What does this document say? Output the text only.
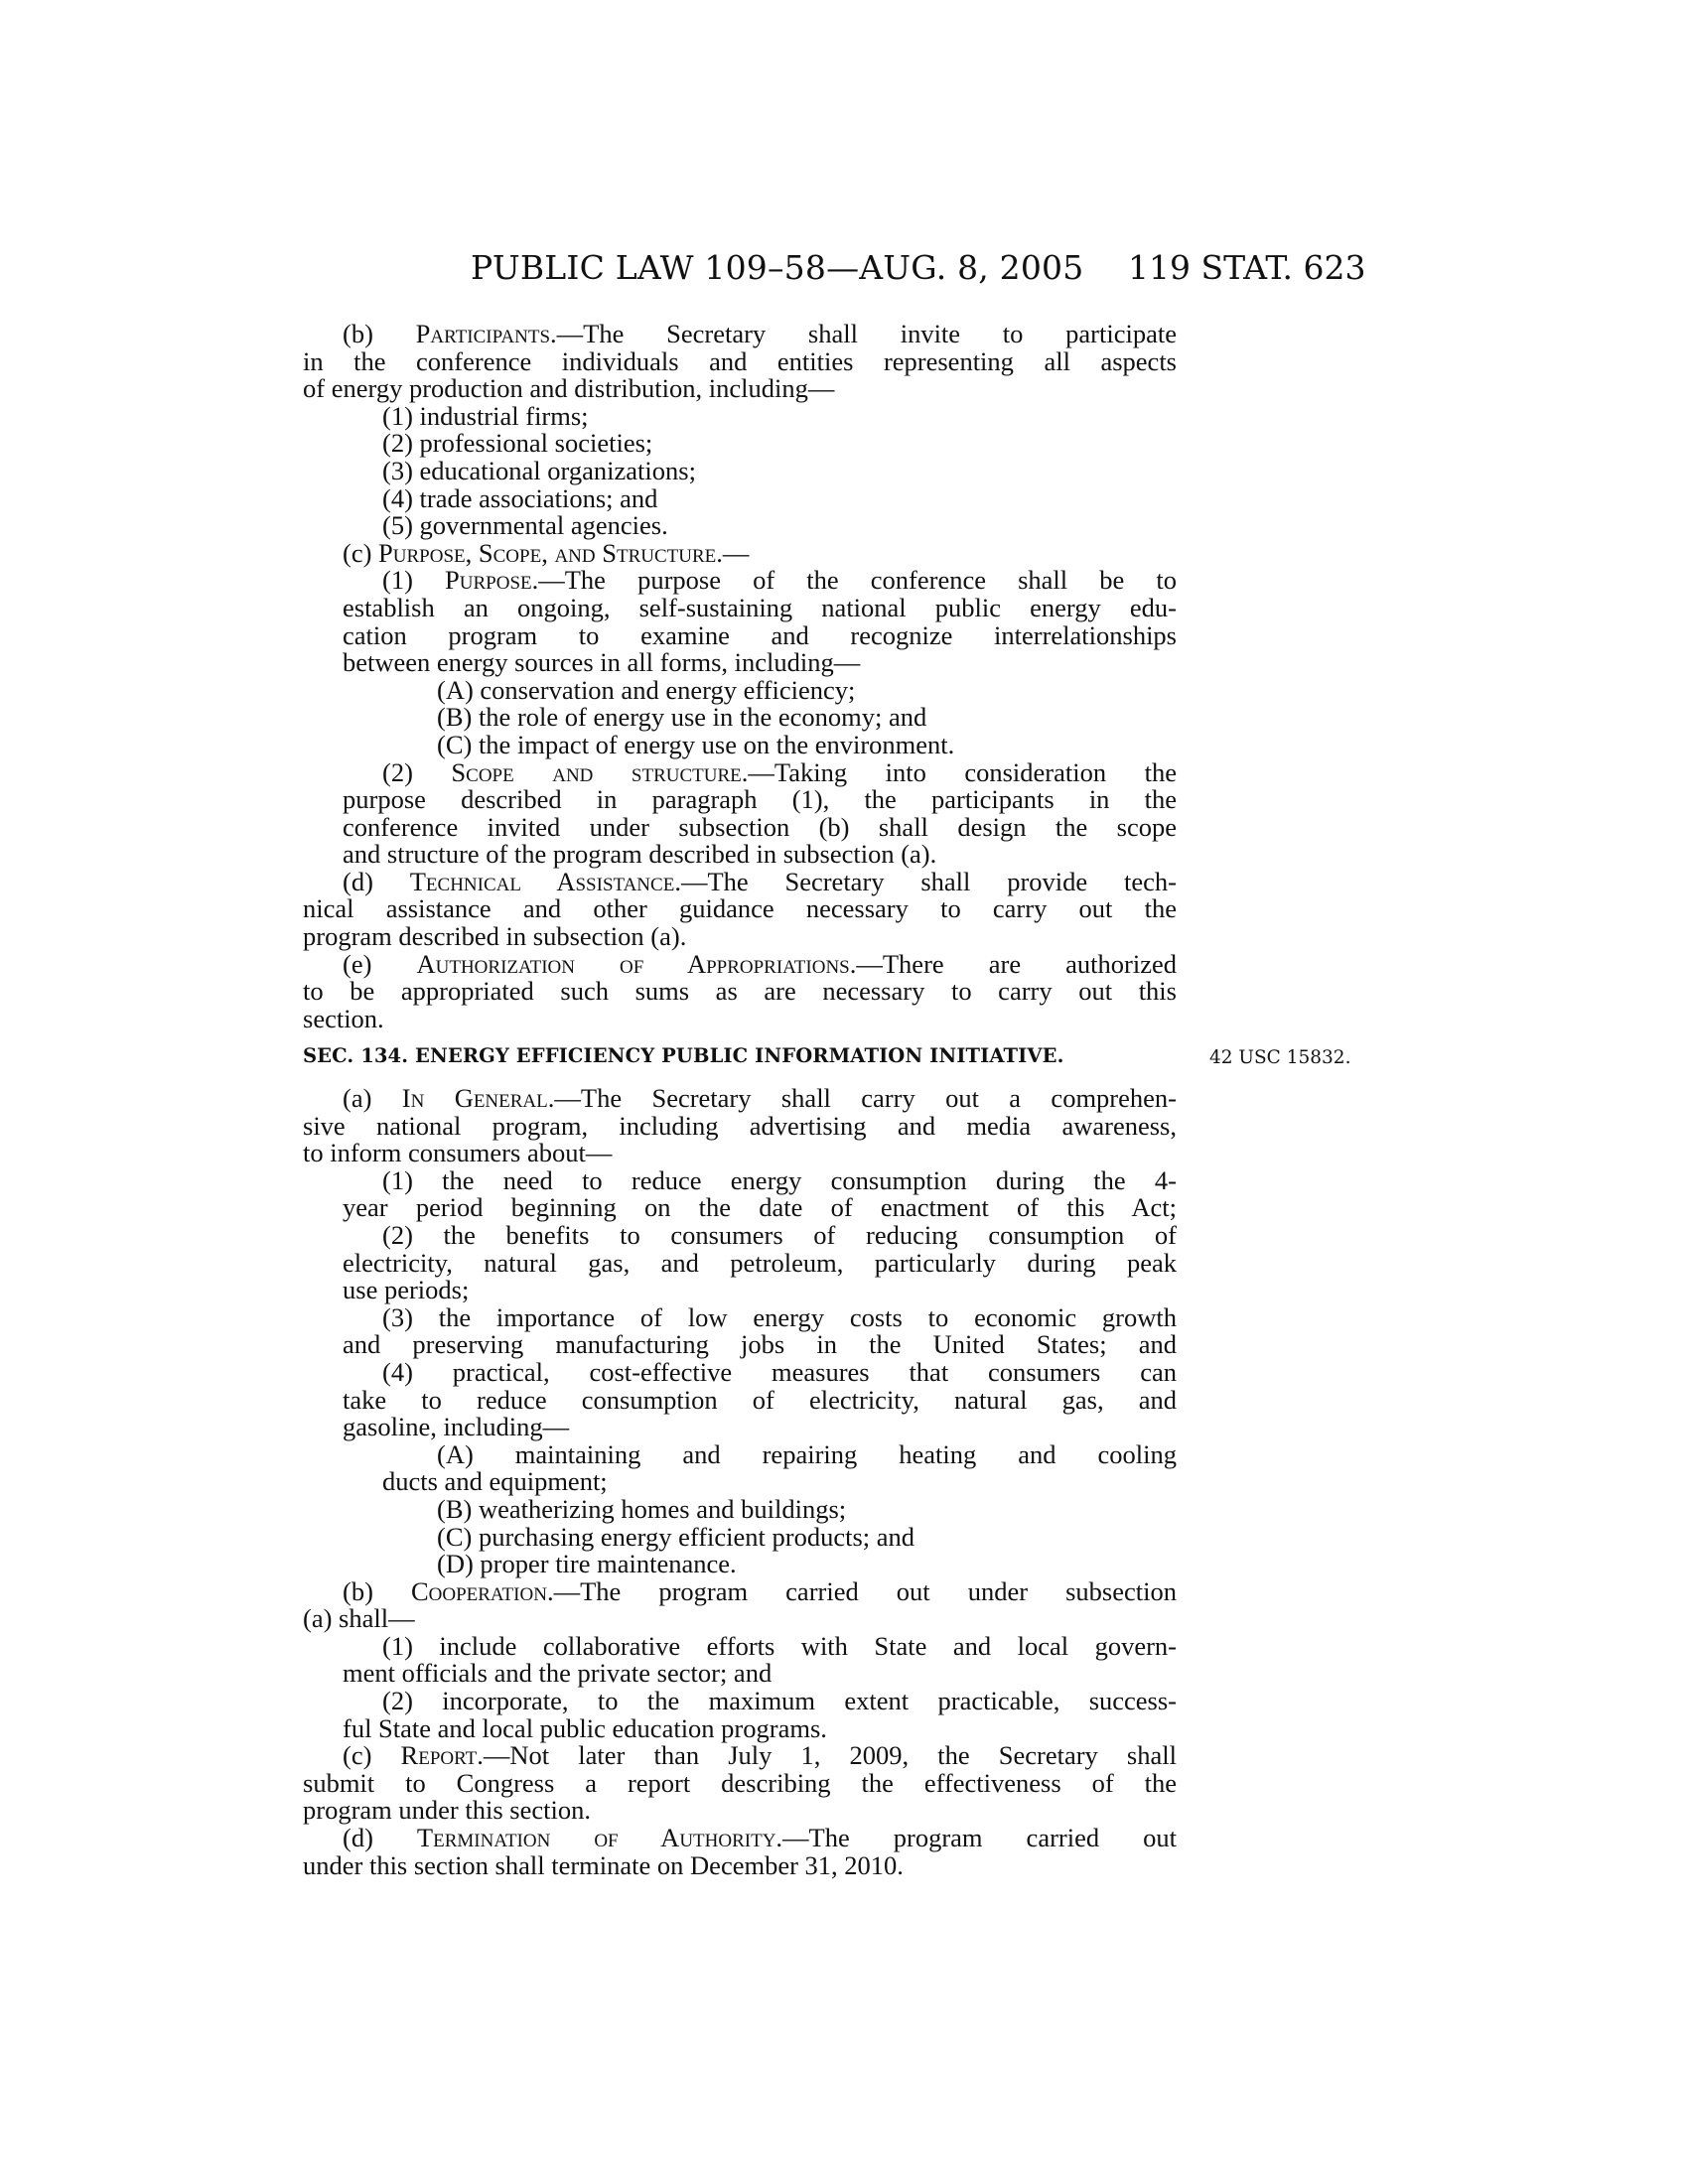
PUBLIC LAW 109–58—AUG. 8, 2005 119 STAT. 623
(b) Participants.—The Secretary shall invite to participate
in the conference individuals and entities representing all aspects
of energy production and distribution, including—
(1) industrial firms;
(2) professional societies;
(3) educational organizations;
(4) trade associations; and
(5) governmental agencies.
(c) Purpose, Scope, and Structure.—
(1) Purpose.—The purpose of the conference shall be to
establish an ongoing, self-sustaining national public energy edu-
cation program to examine and recognize interrelationships
between energy sources in all forms, including—
(A) conservation and energy efficiency;
(B) the role of energy use in the economy; and
(C) the impact of energy use on the environment.
(2) Scope and structure.—Taking into consideration the
purpose described in paragraph (1), the participants in the
conference invited under subsection (b) shall design the scope
and structure of the program described in subsection (a).
(d) Technical Assistance.—The Secretary shall provide tech-
nical assistance and other guidance necessary to carry out the
program described in subsection (a).
(e) Authorization of Appropriations.—There are authorized
to be appropriated such sums as are necessary to carry out this
section.
SEC. 134. ENERGY EFFICIENCY PUBLIC INFORMATION INITIATIVE.	42 USC 15832.
(a) In General.—The Secretary shall carry out a comprehen-
sive national program, including advertising and media awareness,
to inform consumers about—
(1) the need to reduce energy consumption during the 4-
year period beginning on the date of enactment of this Act;
(2) the benefits to consumers of reducing consumption of
electricity, natural gas, and petroleum, particularly during peak
use periods;
(3) the importance of low energy costs to economic growth
and preserving manufacturing jobs in the United States; and
(4) practical, cost-effective measures that consumers can
take to reduce consumption of electricity, natural gas, and
gasoline, including—
(A) maintaining and repairing heating and cooling
ducts and equipment;
(B) weatherizing homes and buildings;
(C) purchasing energy efficient products; and
(D) proper tire maintenance.
(b) Cooperation.—The program carried out under subsection
(a) shall—
(1) include collaborative efforts with State and local govern-
ment officials and the private sector; and
(2) incorporate, to the maximum extent practicable, success-
ful State and local public education programs.
(c) Report.—Not later than July 1, 2009, the Secretary shall
submit to Congress a report describing the effectiveness of the
program under this section.
(d) Termination of Authority.—The program carried out
under this section shall terminate on December 31, 2010.
